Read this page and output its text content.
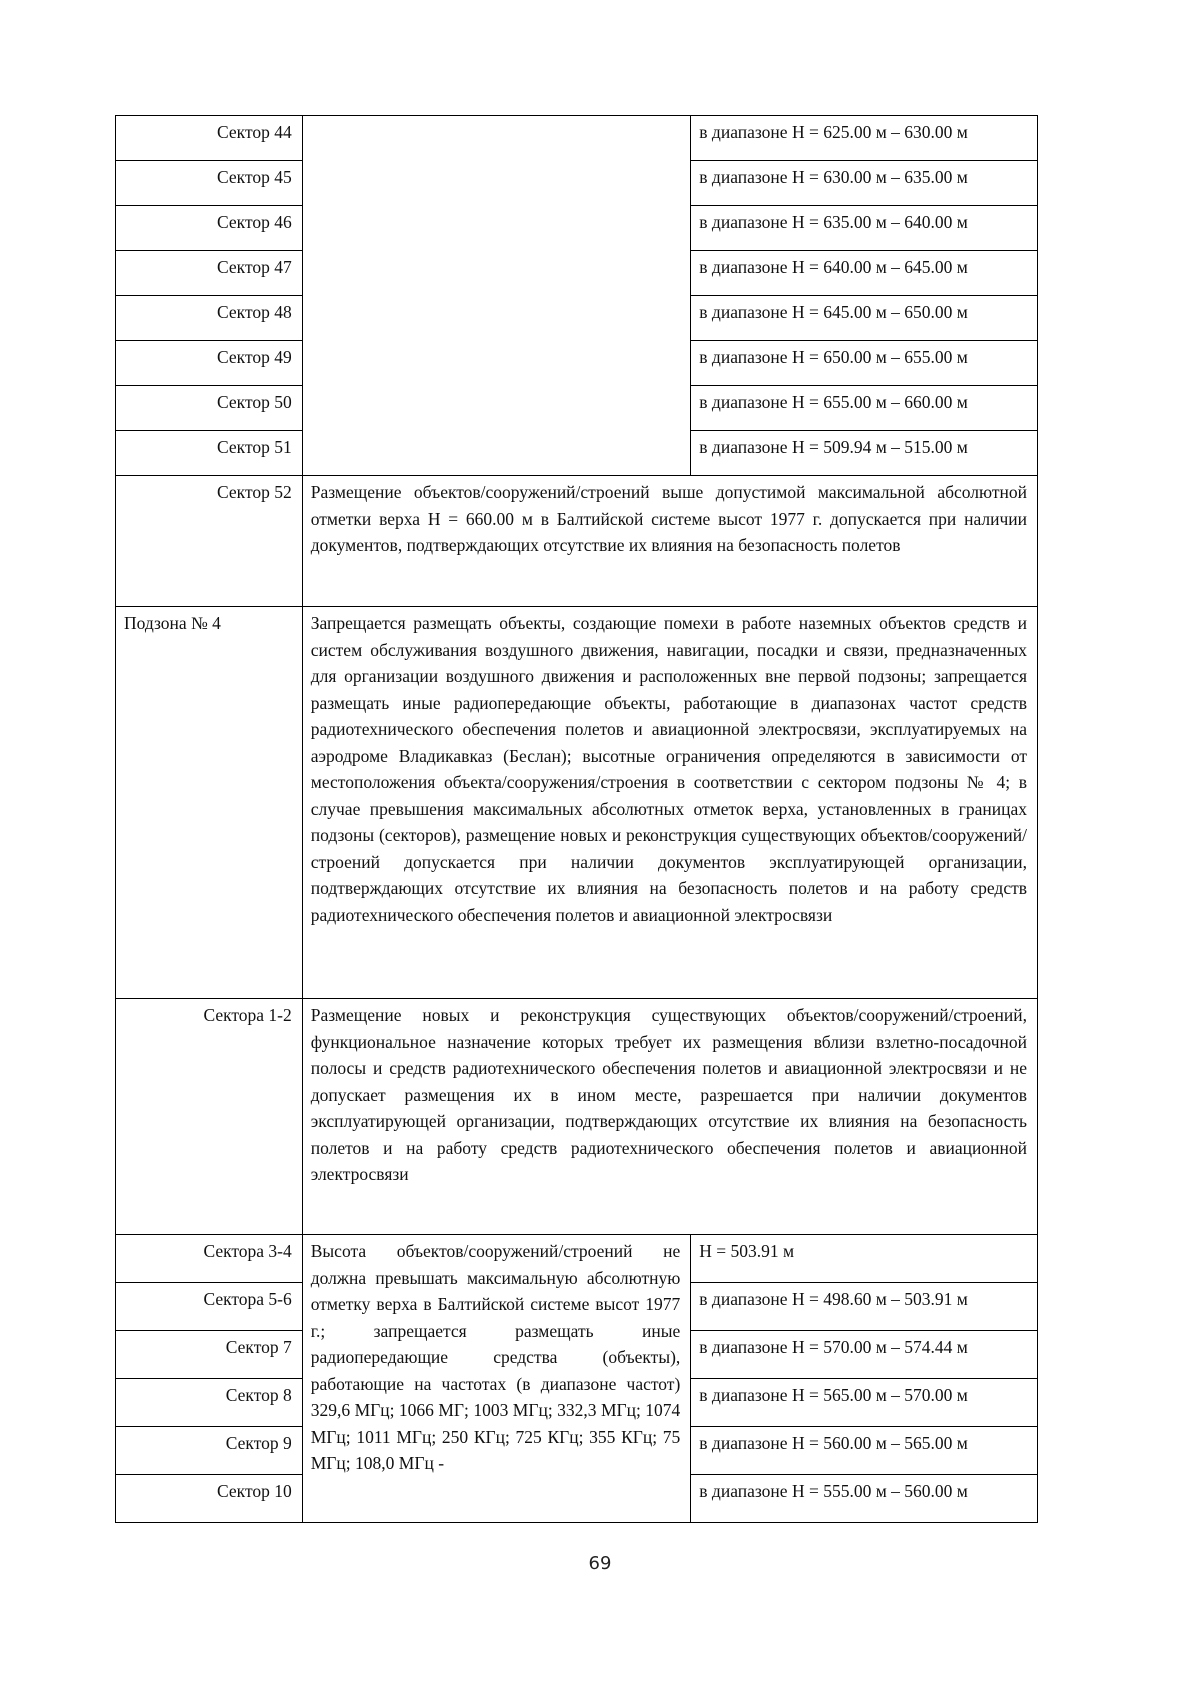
Сектор 44		в диапазоне Н = 625.00 м – 630.00 м
Сектор 45		в диапазоне Н = 630.00 м – 635.00 м
Сектор 46		в диапазоне Н = 635.00 м – 640.00 м
Сектор 47		в диапазоне Н = 640.00 м – 645.00 м
Сектор 48		в диапазоне Н = 645.00 м – 650.00 м
Сектор 49		в диапазоне Н = 650.00 м – 655.00 м
Сектор 50		в диапазоне Н = 655.00 м – 660.00 м
Сектор 51		в диапазоне Н = 509.94 м – 515.00 м
Сектор 52	Размещение объектов/сооружений/строений выше допустимой максимальной абсолютной отметки верха Н = 660.00 м в Балтийской системе высот 1977 г. допускается при наличии документов, подтверждающих отсутствие их влияния на безопасность полетов	
Подзона № 4	Запрещается размещать объекты, создающие помехи в работе наземных объектов средств и систем обслуживания воздушного движения, навигации, посадки и связи, предназначенных для организации воздушного движения и расположенных вне первой подзоны; запрещается размещать иные радиопередающие объекты, работающие в диапазонах частот средств радиотехнического обеспечения полетов и авиационной электросвязи, эксплуатируемых на аэродроме Владикавказ (Беслан); высотные ограничения определяются в зависимости от местоположения объекта/сооружения/строения в соответствии с сектором подзоны № 4; в случае превышения максимальных абсолютных отметок верха, установленных в границах подзоны (секторов), размещение новых и реконструкция существующих объектов/сооружений/строений допускается при наличии документов эксплуатирующей организации, подтверждающих отсутствие их влияния на безопасность полетов и на работу средств радиотехнического обеспечения полетов и авиационной электросвязи	
Сектора 1-2	Размещение новых и реконструкция существующих объектов/сооружений/строений, функциональное назначение которых требует их размещения вблизи взлетно-посадочной полосы и средств радиотехнического обеспечения полетов и авиационной электросвязи и не допускает размещения их в ином месте, разрешается при наличии документов эксплуатирующей организации, подтверждающих отсутствие их влияния на безопасность полетов и на работу средств радиотехнического обеспечения полетов и авиационной электросвязи	
Сектора 3-4	Высота объектов/сооружений/строений не должна превышать максимальную абсолютную отметку верха в Балтийской системе высот 1977 г.; запрещается размещать иные радиопередающие средства (объекты), работающие на частотах (в диапазоне частот) 329,6 МГц; 1066 МГ; 1003 МГц; 332,3 МГц; 1074 МГц; 1011 МГц; 250 КГц; 725 КГц; 355 КГц; 75 МГц; 108,0 МГц -	Н = 503.91 м
Сектора 5-6		в диапазоне Н = 498.60 м – 503.91 м
Сектор 7		в диапазоне Н = 570.00 м – 574.44 м
Сектор 8		в диапазоне Н = 565.00 м – 570.00 м
Сектор 9		в диапазоне Н = 560.00 м – 565.00 м
Сектор 10		в диапазоне Н = 555.00 м – 560.00 м
69
